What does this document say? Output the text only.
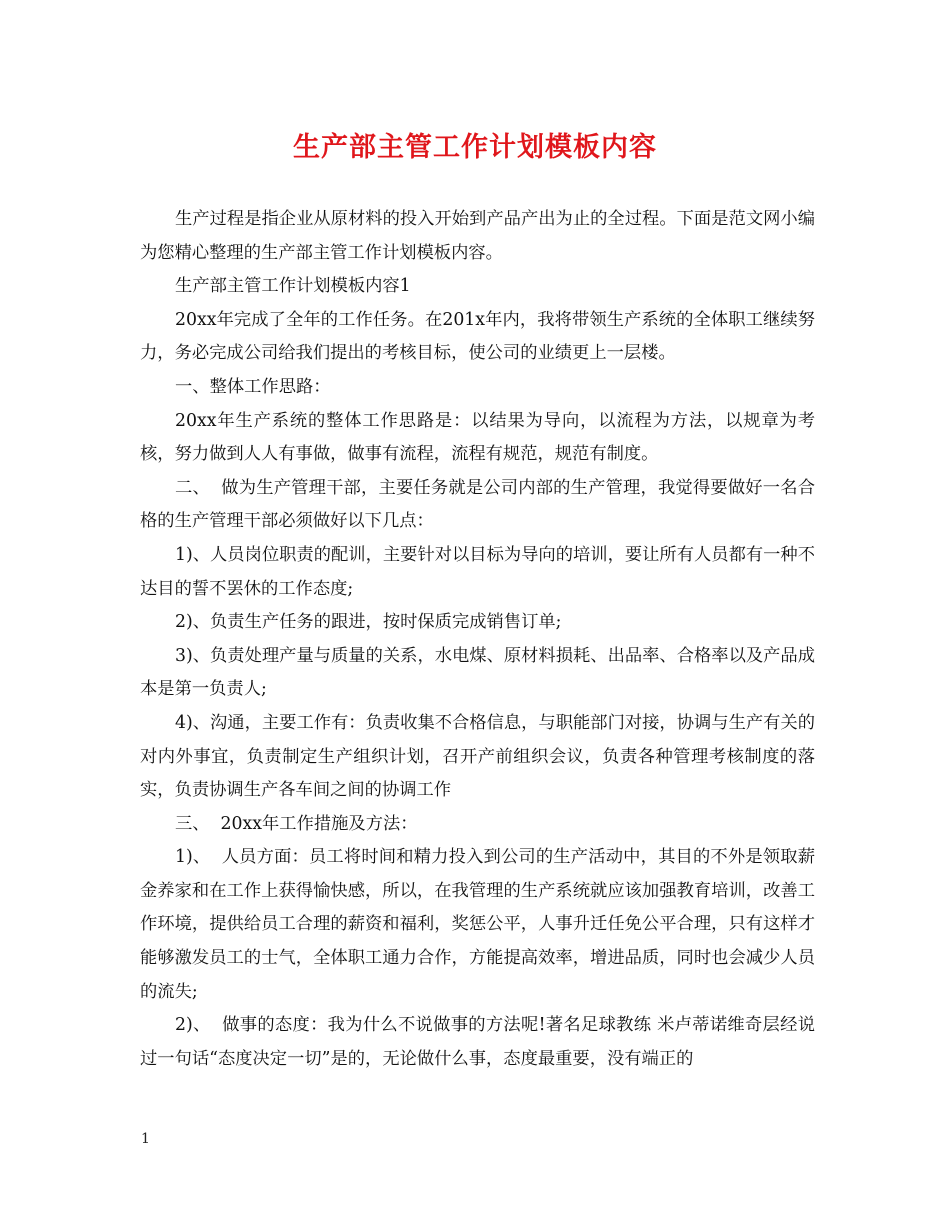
生产部主管工作计划模板内容

生产过程是指企业从原材料的投入开始到产品产出为止的全过程。下面是范文网小编为您精心整理的生产部主管工作计划模板内容。

生产部主管工作计划模板内容1

20xx年完成了全年的工作任务。在201x年内，我将带领生产系统的全体职工继续努力，务必完成公司给我们提出的考核目标，使公司的业绩更上一层楼。

一、整体工作思路：

20xx年生产系统的整体工作思路是：以结果为导向，以流程为方法，以规章为考核，努力做到人人有事做，做事有流程，流程有规范，规范有制度。

二、  做为生产管理干部，主要任务就是公司内部的生产管理，我觉得要做好一名合格的生产管理干部必须做好以下几点：

1)、人员岗位职责的配训，主要针对以目标为导向的培训，要让所有人员都有一种不达目的誓不罢休的工作态度;

2)、负责生产任务的跟进，按时保质完成销售订单;

3)、负责处理产量与质量的关系，水电煤、原材料损耗、出品率、合格率以及产品成本是第一负责人;

4)、沟通，主要工作有：负责收集不合格信息，与职能部门对接，协调与生产有关的对内外事宜，负责制定生产组织计划，召开产前组织会议，负责各种管理考核制度的落实，负责协调生产各车间之间的协调工作

三、  20xx年工作措施及方法：

1)、  人员方面：员工将时间和精力投入到公司的生产活动中，其目的不外是领取薪金养家和在工作上获得愉快感，所以，在我管理的生产系统就应该加强教育培训，改善工作环境，提供给员工合理的薪资和福利，奖惩公平，人事升迁任免公平合理，只有这样才能够激发员工的士气，全体职工通力合作，方能提高效率，增进品质，同时也会减少人员的流失;

2)、  做事的态度：我为什么不说做事的方法呢!著名足球教练 米卢蒂诺维奇层经说过一句话“态度决定一切”是的，无论做什么事，态度最重要，没有端正的

1
